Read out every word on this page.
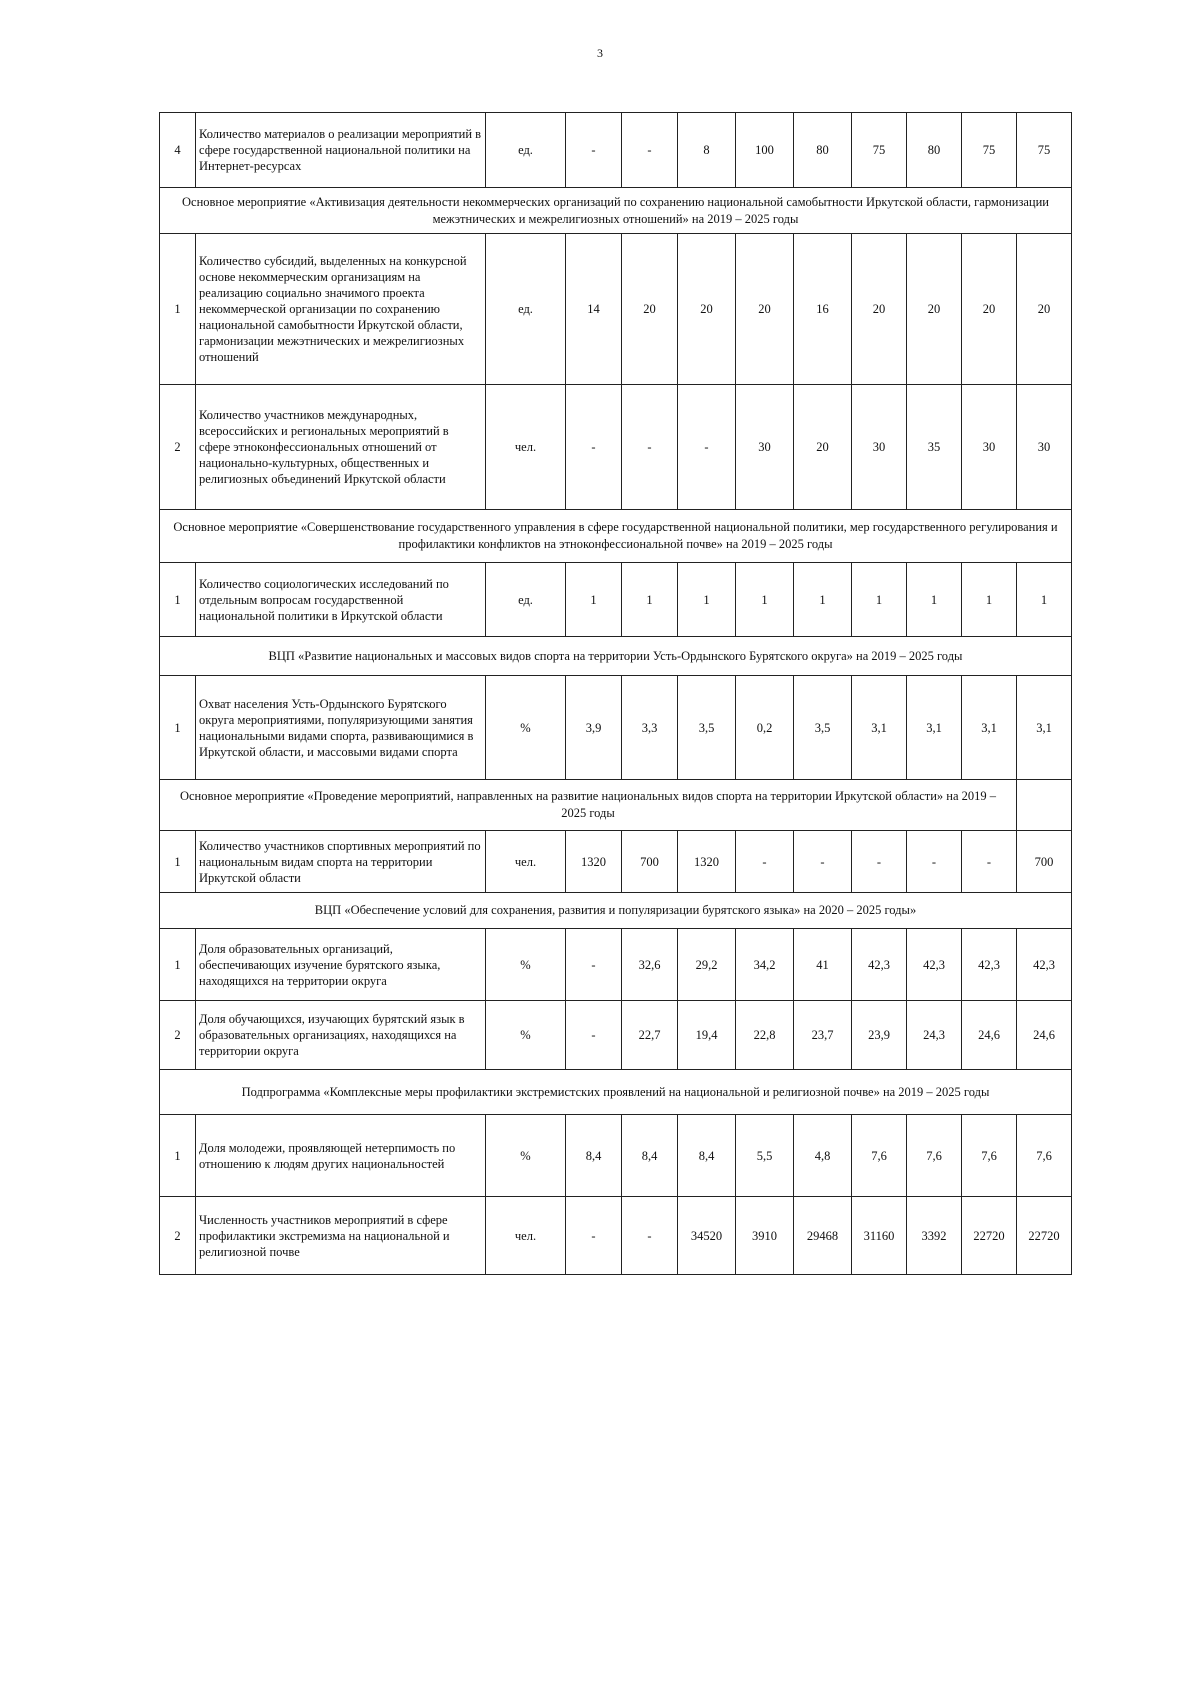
3
4	Количество материалов о реализации мероприятий в сфере государственной национальной политики на Интернет-ресурсах	ед.	-	-	8	100	80	75	80	75	75
Основное мероприятие «Активизация деятельности некоммерческих организаций по сохранению национальной самобытности Иркутской области, гармонизации межэтнических и межрелигиозных отношений» на 2019 – 2025 годы											
1	Количество субсидий, выделенных на конкурсной основе некоммерческим организациям на реализацию социально значимого проекта некоммерческой организации по сохранению национальной самобытности Иркутской области, гармонизации межэтнических и межрелигиозных отношений	ед.	14	20	20	20	16	20	20	20	20
2	Количество участников международных, всероссийских и региональных мероприятий в сфере этноконфессиональных отношений от национально-культурных, общественных и религиозных объединений Иркутской области	чел.	-	-	-	30	20	30	35	30	30
Основное мероприятие «Совершенствование государственного управления в сфере государственной национальной политики, мер государственного регулирования и профилактики конфликтов на этноконфессиональной почве» на 2019 – 2025 годы											
1	Количество социологических исследований по отдельным вопросам государственной национальной политики в Иркутской области	ед.	1	1	1	1	1	1	1	1	1
ВЦП «Развитие национальных и массовых видов спорта на территории Усть-Ордынского Бурятского округа» на 2019 – 2025 годы											
1	Охват населения Усть-Ордынского Бурятского округа мероприятиями, популяризующими занятия национальными видами спорта, развивающимися в Иркутской области, и массовыми видами спорта	%	3,9	3,3	3,5	0,2	3,5	3,1	3,1	3,1	3,1
Основное мероприятие «Проведение мероприятий, направленных на развитие национальных видов спорта на территории Иркутской области» на 2019 – 2025 годы											
1	Количество участников спортивных мероприятий по национальным видам спорта на территории Иркутской области	чел.	1320	700	1320	-	-	-	-	-	700
ВЦП «Обеспечение условий для сохранения, развития и популяризации бурятского языка» на 2020 – 2025 годы»											
1	Доля образовательных организаций, обеспечивающих изучение бурятского языка, находящихся на территории округа	%	-	32,6	29,2	34,2	41	42,3	42,3	42,3	42,3
2	Доля обучающихся, изучающих бурятский язык в образовательных организациях, находящихся на территории округа	%	-	22,7	19,4	22,8	23,7	23,9	24,3	24,6	24,6
Подпрограмма «Комплексные меры профилактики экстремистских проявлений на национальной и религиозной почве» на 2019 – 2025 годы											
1	Доля молодежи, проявляющей нетерпимость по отношению к людям других национальностей	%	8,4	8,4	8,4	5,5	4,8	7,6	7,6	7,6	7,6
2	Численность участников мероприятий в сфере профилактики экстремизма на национальной и религиозной почве	чел.	-	-	34520	3910	29468	31160	3392	22720	22720
